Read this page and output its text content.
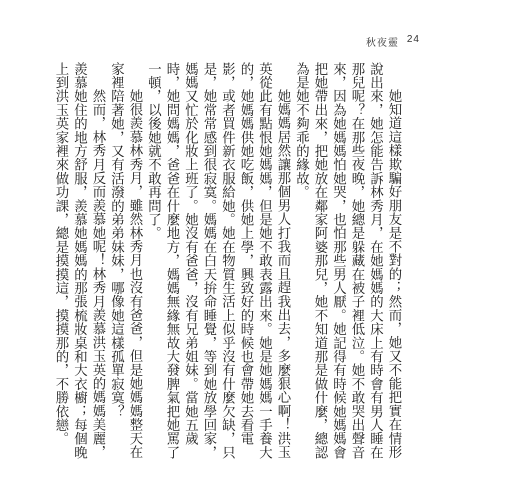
秋夜靈 24

她知道這樣欺騙好朋友是不對的；然而，她又不能把實在情形說出來，她怎能告訴林秀月，在她媽媽的大床上有時會有男人睡在那兒呢？在那些夜晚，她總是躲藏在被子裡低泣。她不敢哭出聲音來，因為她媽媽怕她哭，也怕那些男人厭。她記得有時候她媽媽會把她帶出來，把她放在鄰家阿婆那兒，她不知道那是做什麼，總認為是她不夠乖的緣故。

她媽媽居然讓那個男人打我而且趕我出去，多麼狠心啊！洪玉英從此有點恨她媽媽，但是她不敢表露出來。她是她媽媽一手養大的，她媽媽供她吃飯，供她上學，興致好的時候也會帶她去看電影，或者買件新衣服給她。她在物質生活上似乎沒有什麼欠缺，只是，她常常感到很寂寞。媽媽在白天拚命睡覺，等到她放學回家，媽媽又忙於化妝上班了。她沒有爸爸，沒有兄弟姐妹。當她五歲時，她問媽媽，爸爸在什麼地方，媽媽無緣無故大發脾氣把她罵了一頓，以後她就不敢再問了。

她很羨慕林秀月，雖然林秀月也沒有爸爸，但是她媽媽整天在家裡陪著她，又有活潑的弟弟妹妹，哪像她這樣孤單寂寞？

然而，林秀月反而羨慕她呢！林秀月羨慕洪玉英的媽媽美麗，羨慕她住的地方舒服，羨慕她媽媽的那張梳妝桌和大衣櫥；每個晚上到洪玉英家裡來做功課，總是摸摸這，摸摸那的，不勝依戀。
